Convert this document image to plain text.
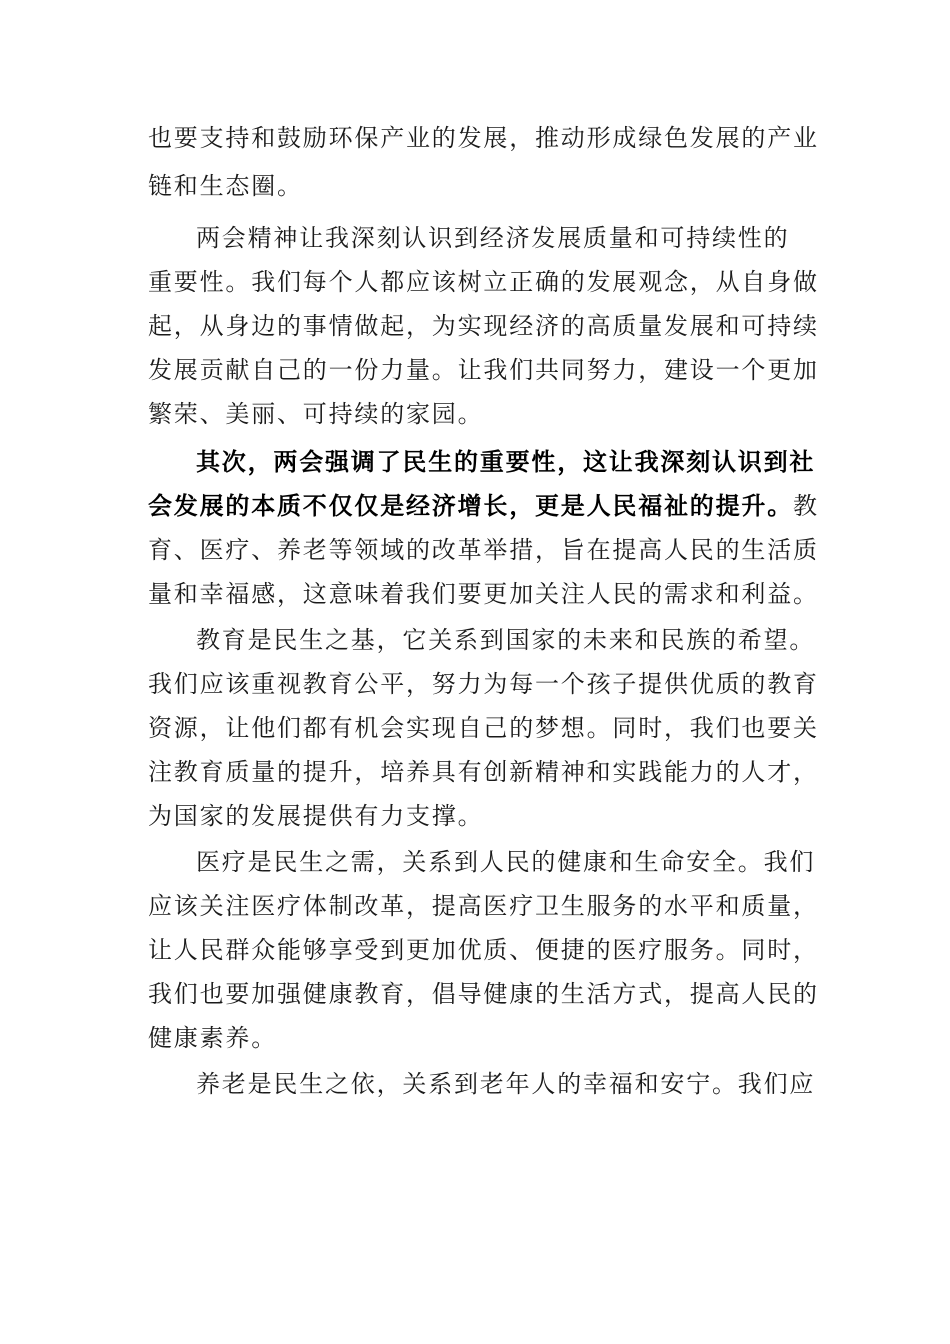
也要支持和鼓励环保产业的发展，推动形成绿色发展的产业
链和生态圈。
两会精神让我深刻认识到经济发展质量和可持续性的
重要性。我们每个人都应该树立正确的发展观念，从自身做
起，从身边的事情做起，为实现经济的高质量发展和可持续
发展贡献自己的一份力量。让我们共同努力，建设一个更加
繁荣、美丽、可持续的家园。
其次，两会强调了民生的重要性，这让我深刻认识到社
会发展的本质不仅仅是经济增长，更是人民福祉的提升。教
育、医疗、养老等领域的改革举措，旨在提高人民的生活质
量和幸福感，这意味着我们要更加关注人民的需求和利益。
教育是民生之基，它关系到国家的未来和民族的希望。
我们应该重视教育公平，努力为每一个孩子提供优质的教育
资源，让他们都有机会实现自己的梦想。同时，我们也要关
注教育质量的提升，培养具有创新精神和实践能力的人才，
为国家的发展提供有力支撑。
医疗是民生之需，关系到人民的健康和生命安全。我们
应该关注医疗体制改革，提高医疗卫生服务的水平和质量，
让人民群众能够享受到更加优质、便捷的医疗服务。同时，
我们也要加强健康教育，倡导健康的生活方式，提高人民的
健康素养。
养老是民生之依，关系到老年人的幸福和安宁。我们应
